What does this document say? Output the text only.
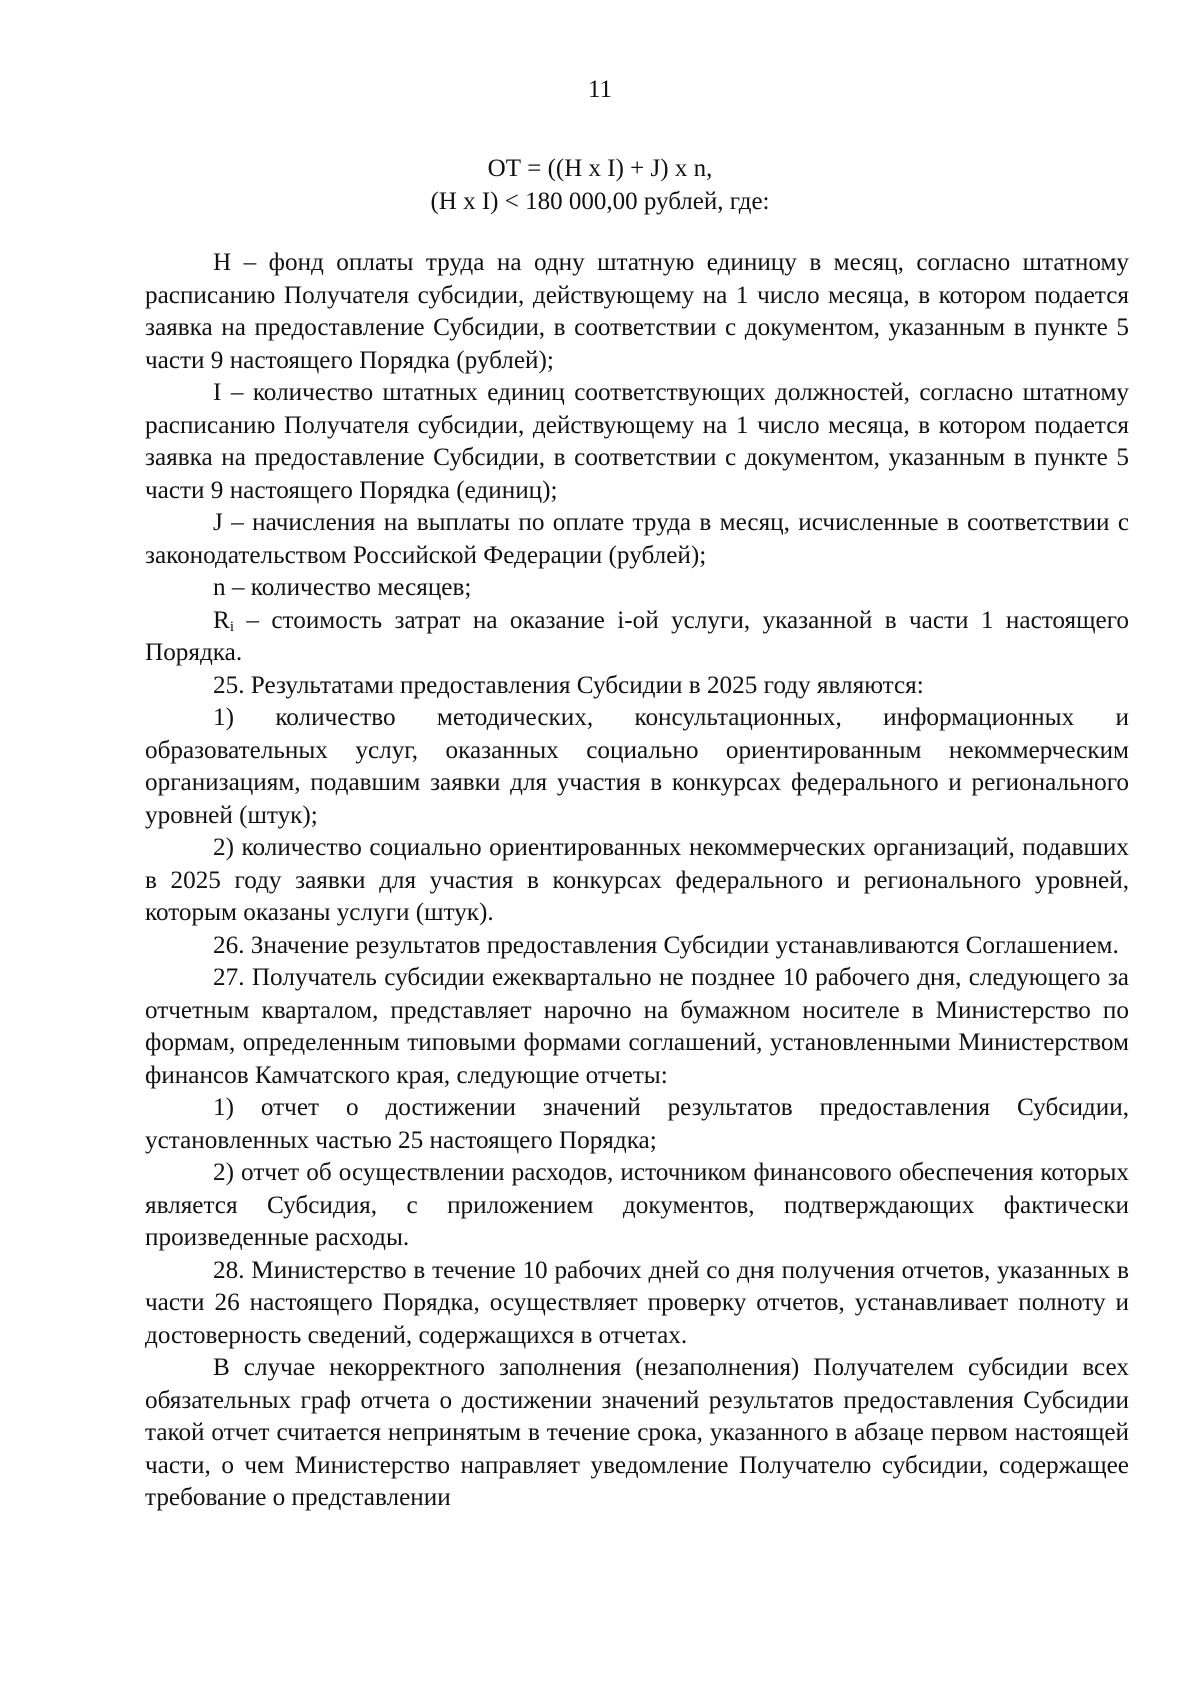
11
ОТ = ((H x I) + J) x n,
(H x I) < 180 000,00 рублей, где:

H – фонд оплаты труда на одну штатную единицу в месяц, согласно штатному расписанию Получателя субсидии, действующему на 1 число месяца, в котором подается заявка на предоставление Субсидии, в соответствии с документом, указанным в пункте 5 части 9 настоящего Порядка (рублей);

I – количество штатных единиц соответствующих должностей, согласно штатному расписанию Получателя субсидии, действующему на 1 число месяца, в котором подается заявка на предоставление Субсидии, в соответствии с документом, указанным в пункте 5 части 9 настоящего Порядка (единиц);

J – начисления на выплаты по оплате труда в месяц, исчисленные в соответствии с законодательством Российской Федерации (рублей);

n – количество месяцев;

$R_i$ – стоимость затрат на оказание i-ой услуги, указанной в части 1 настоящего Порядка.

25. Результатами предоставления Субсидии в 2025 году являются:

1) количество методических, консультационных, информационных и образовательных услуг, оказанных социально ориентированным некоммерческим организациям, подавшим заявки для участия в конкурсах федерального и регионального уровней (штук);

2) количество социально ориентированных некоммерческих организаций, подавших в 2025 году заявки для участия в конкурсах федерального и регионального уровней, которым оказаны услуги (штук).

26. Значение результатов предоставления Субсидии устанавливаются Соглашением.

27. Получатель субсидии ежеквартально не позднее 10 рабочего дня, следующего за отчетным кварталом, представляет нарочно на бумажном носителе в Министерство по формам, определенным типовыми формами соглашений, установленными Министерством финансов Камчатского края, следующие отчеты:

1) отчет о достижении значений результатов предоставления Субсидии, установленных частью 25 настоящего Порядка;

2) отчет об осуществлении расходов, источником финансового обеспечения которых является Субсидия, с приложением документов, подтверждающих фактически произведенные расходы.

28. Министерство в течение 10 рабочих дней со дня получения отчетов, указанных в части 26 настоящего Порядка, осуществляет проверку отчетов, устанавливает полноту и достоверность сведений, содержащихся в отчетах.

В случае некорректного заполнения (незаполнения) Получателем субсидии всех обязательных граф отчета о достижении значений результатов предоставления Субсидии такой отчет считается непринятым в течение срока, указанного в абзаце первом настоящей части, о чем Министерство направляет уведомление Получателю субсидии, содержащее требование о представлении
